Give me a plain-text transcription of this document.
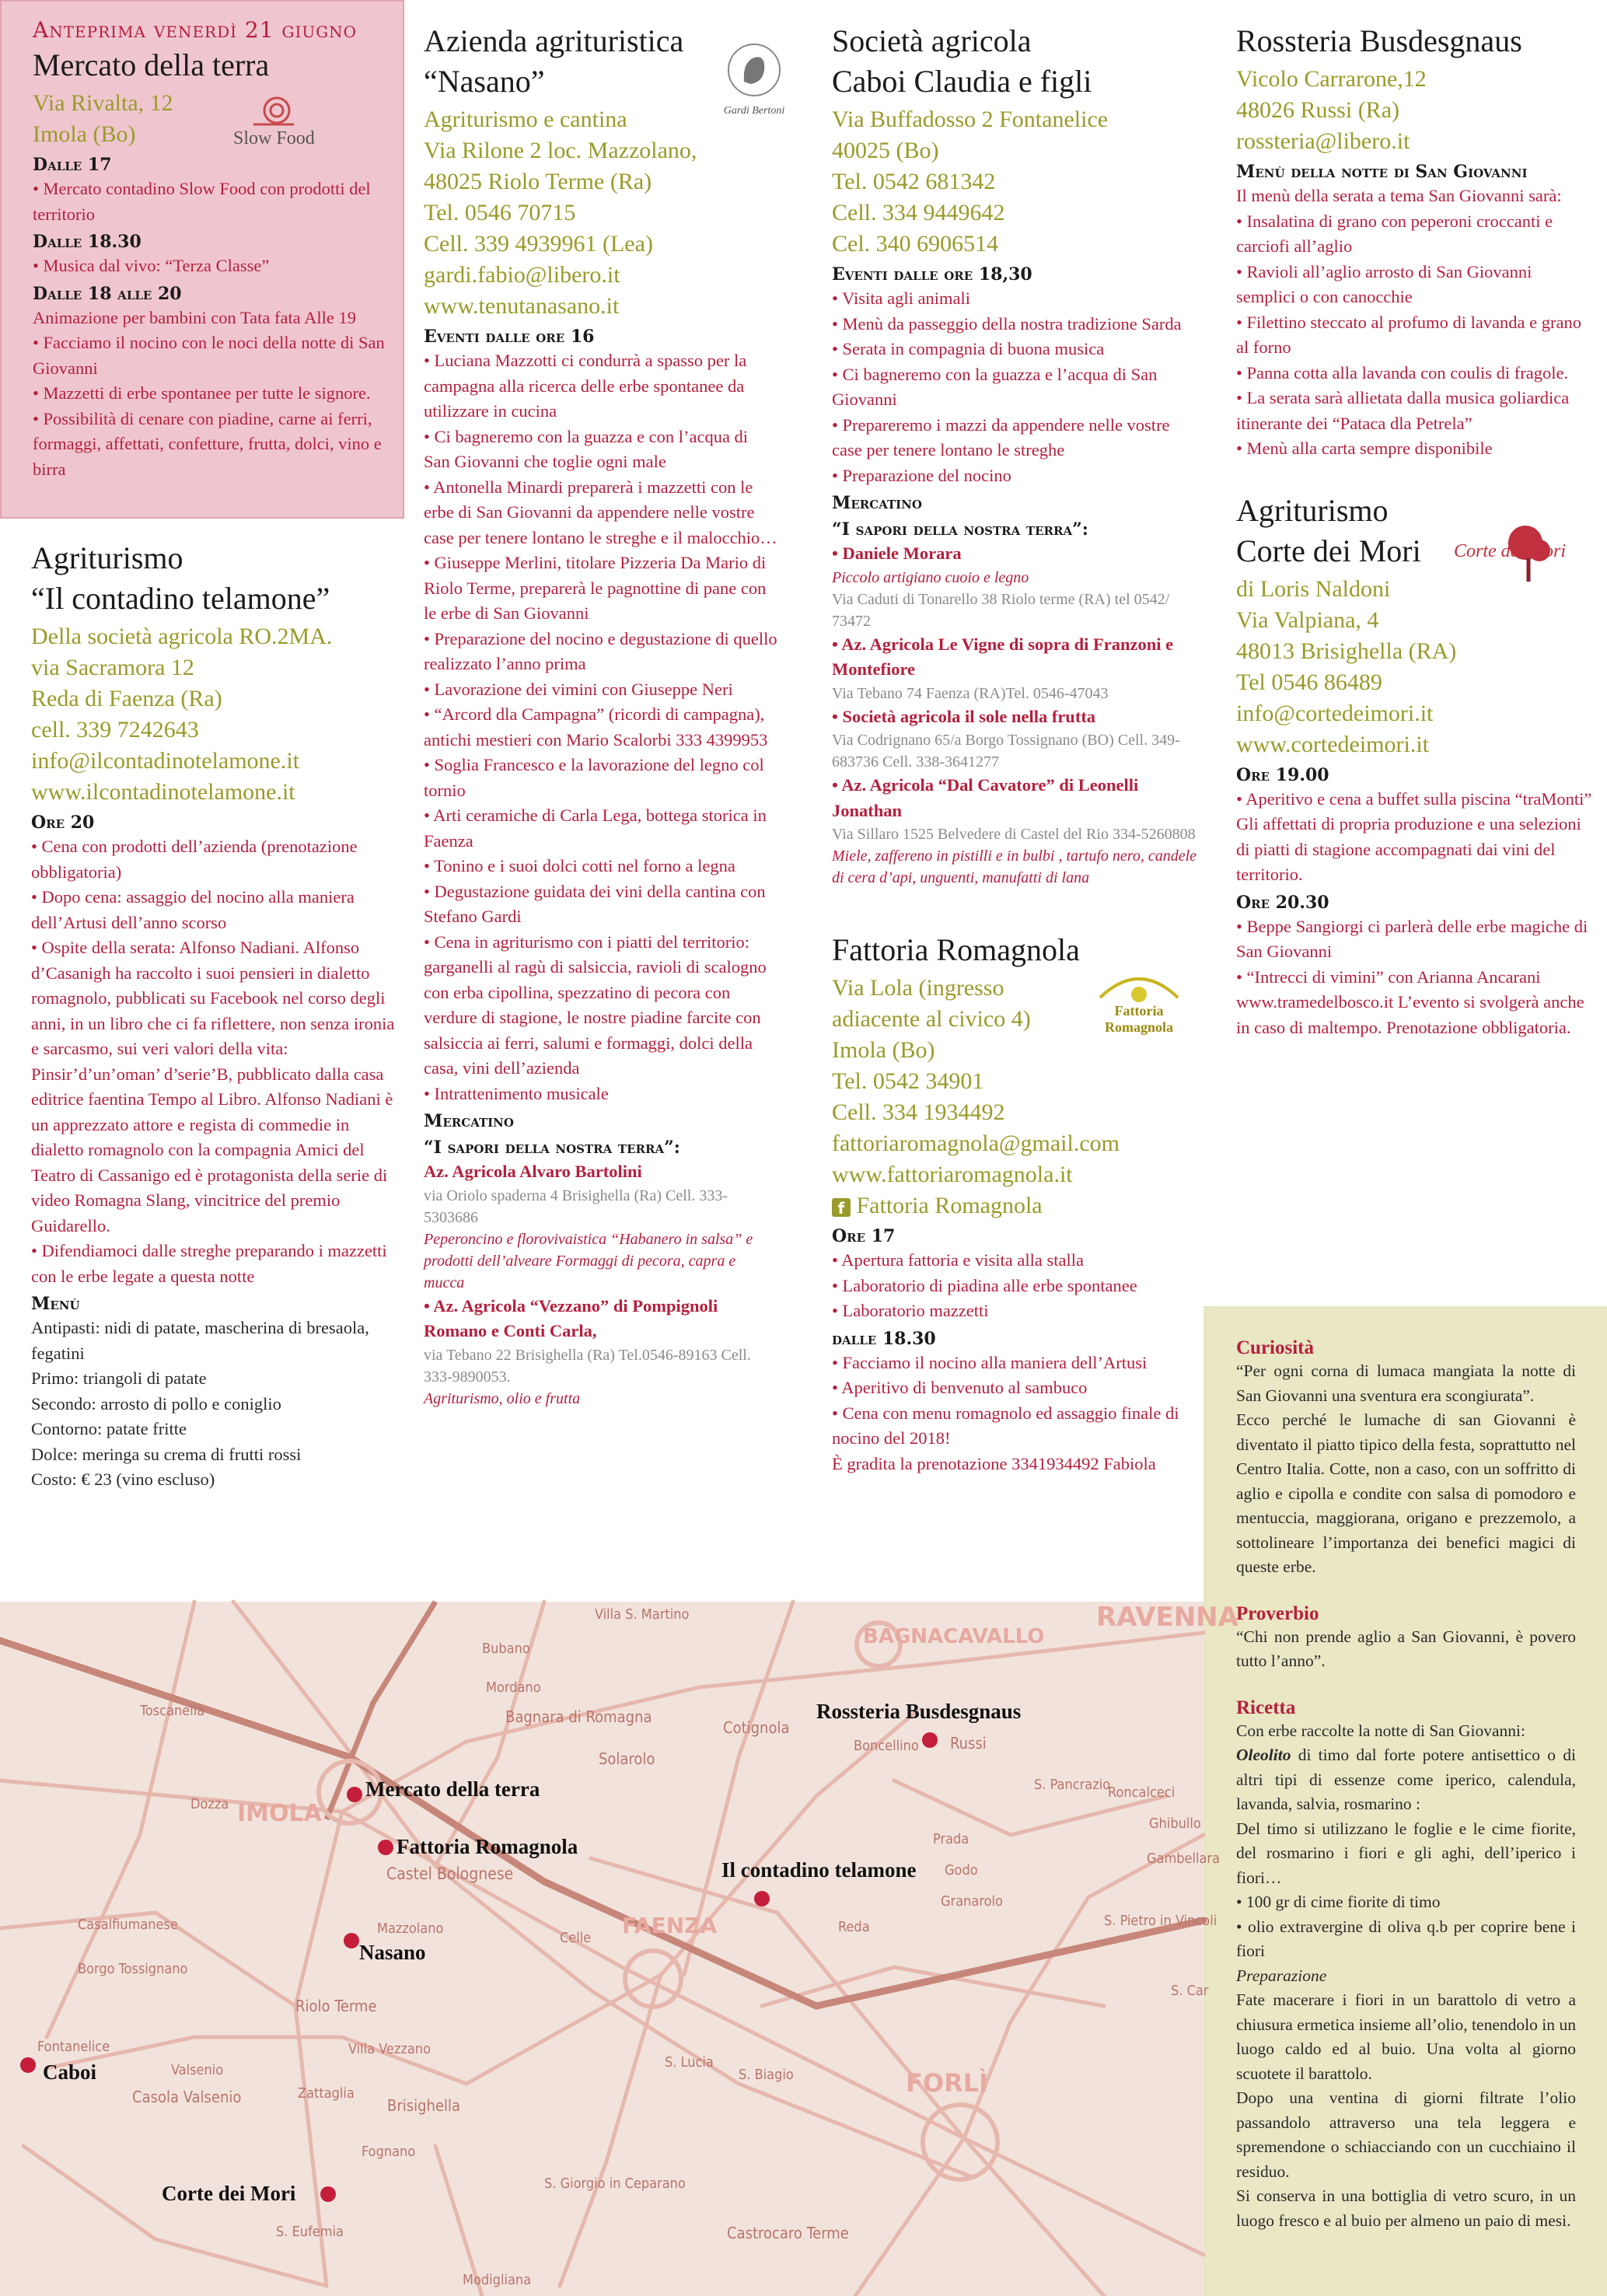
Anteprima venerdì 21 giugno
Mercato della terra
Via Rivalta, 12
Imola (Bo)	Slow Food
Dalle 17
• Mercato contadino Slow Food con prodotti del territorio
Dalle 18.30
• Musica dal vivo: “Terza Classe”
Dalle 18 alle 20
Animazione per bambini con Tata fata Alle 19
• Facciamo il nocino con le noci della notte di San Giovanni
• Mazzetti di erbe spontanee per tutte le signore.
• Possibilità di cenare con piadine, carne ai ferri, formaggi, affettati, confetture, frutta, dolci, vino e birra
Agriturismo
“Il contadino telamone”
Della società agricola RO.2MA.
via Sacramora 12
Reda di Faenza (Ra)
cell. 339 7242643
info@ilcontadinotelamone.it
www.ilcontadinotelamone.it
Ore 20
• Cena con prodotti dell’azienda (prenotazione obbligatoria)
• Dopo cena: assaggio del nocino alla maniera dell’Artusi dell’anno scorso
• Ospite della serata: Alfonso Nadiani. Alfonso d’Casanigh ha raccolto i suoi pensieri in dialetto romagnolo, pubblicati su Facebook nel corso degli anni, in un libro che ci fa riflettere, non senza ironia e sarcasmo, sui veri valori della vita: Pinsir’d’un’oman’ d’serie’B, pubblicato dalla casa editrice faentina Tempo al Libro. Alfonso Nadiani è un apprezzato attore e regista di commedie in dialetto romagnolo con la compagnia Amici del Teatro di Cassanigo ed è protagonista della serie di video Romagna Slang, vincitrice del premio Guidarello.
• Difendiamoci dalle streghe preparando i mazzetti con le erbe legate a questa notte
Menù
Antipasti: nidi di patate, mascherina di bresaola, fegatini
Primo: triangoli di patate
Secondo: arrosto di pollo e coniglio
Contorno: patate fritte
Dolce: meringa su crema di frutti rossi
Costo: € 23 (vino escluso)
Azienda agrituristica
“Nasano”
Gardi Bertoni
Agriturismo e cantina
Via Rilone 2 loc. Mazzolano,
48025 Riolo Terme (Ra)
Tel. 0546 70715
Cell. 339 4939961 (Lea)
gardi.fabio@libero.it
www.tenutanasano.it
Eventi dalle ore 16
• Luciana Mazzotti ci condurrà a spasso per la campagna alla ricerca delle erbe spontanee da utilizzare in cucina
• Ci bagneremo con la guazza e con l’acqua di San Giovanni che toglie ogni male
• Antonella Minardi preparerà i mazzetti con le erbe di San Giovanni da appendere nelle vostre case per tenere lontano le streghe e il malocchio…
• Giuseppe Merlini, titolare Pizzeria Da Mario di Riolo Terme, preparerà le pagnottine di pane con le erbe di San Giovanni
• Preparazione del nocino e degustazione di quello realizzato l’anno prima
• Lavorazione dei vimini con Giuseppe Neri
• “Arcord dla Campagna” (ricordi di campagna), antichi mestieri con Mario Scalorbi 333 4399953
• Soglia Francesco e la lavorazione del legno col tornio
• Arti ceramiche di Carla Lega, bottega storica in Faenza
• Tonino e i suoi dolci cotti nel forno a legna
• Degustazione guidata dei vini della cantina con Stefano Gardi
• Cena in agriturismo con i piatti del territorio: garganelli al ragù di salsiccia, ravioli di scalogno con erba cipollina, spezzatino di pecora con verdure di stagione, le nostre piadine farcite con salsiccia ai ferri, salumi e formaggi, dolci della casa, vini dell’azienda
• Intrattenimento musicale
Mercatino
“I sapori della nostra terra”:
Az. Agricola Alvaro Bartolini
via Oriolo spaderna 4 Brisighella (Ra) Cell. 333-5303686
Peperoncino e florovivaistica “Habanero in salsa” e prodotti dell’alveare Formaggi di pecora, capra e mucca
• Az. Agricola “Vezzano” di Pompignoli Romano e Conti Carla,
via Tebano 22 Brisighella (Ra) Tel.0546-89163 Cell. 333-9890053.
Agriturismo, olio e frutta
Società agricola
Caboi Claudia e figli
Via Buffadosso 2 Fontanelice
40025 (Bo)
Tel. 0542 681342
Cell. 334 9449642
Cel. 340 6906514
Eventi dalle ore 18,30
• Visita agli animali
• Menù da passeggio della nostra tradizione Sarda
• Serata in compagnia di buona musica
• Ci bagneremo con la guazza e l’acqua di San Giovanni
• Prepareremo i mazzi da appendere nelle vostre case per tenere lontano le streghe
• Preparazione del nocino
Mercatino
“I sapori della nostra terra”:
• Daniele Morara
Piccolo artigiano cuoio e legno
Via Caduti di Tonarello 38 Riolo terme (RA) tel 0542/ 73472
• Az. Agricola Le Vigne di sopra di Franzoni e Montefiore
Via Tebano 74 Faenza (RA)Tel. 0546-47043
• Società agricola il sole nella frutta
Via Codrignano 65/a Borgo Tossignano (BO) Cell. 349-683736 Cell. 338-3641277
• Az. Agricola “Dal Cavatore” di Leonelli Jonathan
Via Sillaro 1525 Belvedere di Castel del Rio 334-5260808
Miele, zaffereno in pistilli e in bulbi , tartufo nero, candele di cera d’api, unguenti, manufatti di lana
Fattoria Romagnola
Fattoria Romagnola
Via Lola (ingresso
adiacente al civico 4)
Imola (Bo)
Tel. 0542 34901
Cell. 334 1934492
fattoriaromagnola@gmail.com
www.fattoriaromagnola.it
f Fattoria Romagnola
Ore 17
• Apertura fattoria e visita alla stalla
• Laboratorio di piadina alle erbe spontanee
• Laboratorio mazzetti
dalle 18.30
• Facciamo il nocino alla maniera dell’Artusi
• Aperitivo di benvenuto al sambuco
• Cena con menu romagnolo ed assaggio finale di nocino del 2018!
È gradita la prenotazione 3341934492 Fabiola
Rossteria Busdesgnaus
Vicolo Carrarone,12
48026 Russi (Ra)
rossteria@libero.it
Menù della notte di San Giovanni
Il menù della serata a tema San Giovanni sarà:
• Insalatina di grano con peperoni croccanti e carciofi all’aglio
• Ravioli all’aglio arrosto di San Giovanni semplici o con canocchie
• Filettino steccato al profumo di lavanda e grano al forno
• Panna cotta alla lavanda con coulis di fragole.
• La serata sarà allietata dalla musica goliardica itinerante dei “Pataca dla Petrela”
• Menù alla carta sempre disponibile
Agriturismo
Corte dei Mori	Corte dei Mori
di Loris Naldoni
Via Valpiana, 4
48013 Brisighella (RA)
Tel 0546 86489
info@cortedeimori.it
www.cortedeimori.it
Ore 19.00
• Aperitivo e cena a buffet sulla piscina “traMonti” Gli affettati di propria produzione e una selezioni di piatti di stagione accompagnati dai vini del territorio.
Ore 20.30
• Beppe Sangiorgi ci parlerà delle erbe magiche di San Giovanni
• “Intrecci di vimini” con Arianna Ancarani www.tramedelbosco.it L’evento si svolgerà anche in caso di maltempo. Prenotazione obbligatoria.
Curiosità
“Per ogni corna di lumaca mangiata la notte di San Giovanni una sventura era scongiurata”.
Ecco perché le lumache di san Giovanni è diventato il piatto tipico della festa, soprattutto nel Centro Italia. Cotte, non a caso, con un soffritto di aglio e cipolla e condite con salsa di pomodoro e mentuccia, maggiorana, origano e prezzemolo, a sottolineare l’importanza dei benefici magici di queste erbe.
Proverbio
“Chi non prende aglio a San Giovanni, è povero tutto l’anno”.
Ricetta
Con erbe raccolte la notte di San Giovanni:
Oleolito di timo dal forte potere antisettico o di altri tipi di essenze come iperico, calendula, lavanda, salvia, rosmarino :
Del timo si utilizzano le foglie e le cime fiorite, del rosmarino i fiori e gli aghi, dell’iperico i fiori…
• 100 gr di cime fiorite di timo
• olio extravergine di oliva q.b per coprire bene i fiori
Preparazione
Fate macerare i fiori in un barattolo di vetro a chiusura ermetica insieme all’olio, tenendolo in un luogo caldo ed al buio. Una volta al giorno scuotete il barattolo.
Dopo una ventina di giorni filtrate l’olio passandolo attraverso una tela leggera e spremendone o schiacciando con un cucchiaino il residuo.
Si conserva in una bottiglia di vetro scuro, in un luogo fresco e al buio per almeno un paio di mesi.
Villa S. Martino
Bubano
Mordano
Bagnara di Romagna
Solarolo
Cotignola
BAGNACAVALLO
RAVENNA
Toscanella
Dozza IMOLA
Castel Bolognese
Boncellino Russi
S. Pancrazio
Roncalceci
Ghibullo
Gambellara
Prada
Godo
Granarolo
FAENZA	Reda	S. Pietro in Vincoli
Casalfiumanese
Borgo Tossignano
Mazzolano
Celle
Riolo Terme
Villa Vezzano
Fontanelice
Valsenio
Casola Valsenio	Zattaglia
Brisighella
S. Lucia
S. Biagio	FORLÌ
Fognano
S. Giorgio in Ceparano
S. Eufemia	Castrocaro Terme
Modigliana
S. Car
Mercato della terra
Fattoria Romagnola
Nasano
Caboi
Corte dei Mori
Rossteria Busdesgnaus
Il contadino telamone
